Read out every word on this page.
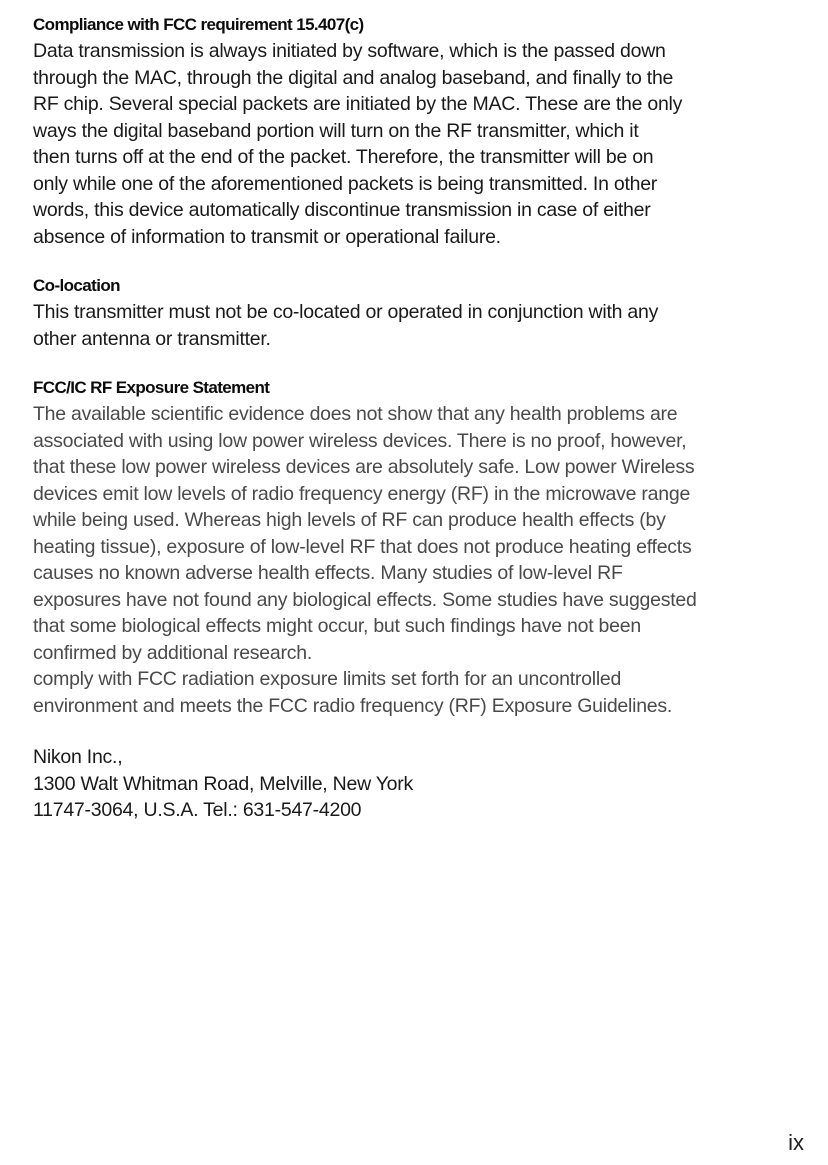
Compliance with FCC requirement 15.407(c)

Data transmission is always initiated by software, which is the passed down
through the MAC, through the digital and analog baseband, and finally to the
RF chip. Several special packets are initiated by the MAC. These are the only
ways the digital baseband portion will turn on the RF transmitter, which it
then turns off at the end of the packet. Therefore, the transmitter will be on
only while one of the aforementioned packets is being transmitted. In other
words, this device automatically discontinue transmission in case of either
absence of information to transmit or operational failure.

Co-location

This transmitter must not be co-located or operated in conjunction with any
other antenna or transmitter.

FCC/IC RF Exposure Statement

The available scientific evidence does not show that any health problems are
associated with using low power wireless devices. There is no proof, however,
that these low power wireless devices are absolutely safe. Low power Wireless
devices emit low levels of radio frequency energy (RF) in the microwave range
while being used. Whereas high levels of RF can produce health effects (by
heating tissue), exposure of low-level RF that does not produce heating effects
causes no known adverse health effects. Many studies of low-level RF
exposures have not found any biological effects. Some studies have suggested
that some biological effects might occur, but such findings have not been
confirmed by additional research.
comply with FCC radiation exposure limits set forth for an uncontrolled
environment and meets the FCC radio frequency (RF) Exposure Guidelines.

Nikon Inc.,
1300 Walt Whitman Road, Melville, New York
11747-3064, U.S.A. Tel.: 631-547-4200

ix
